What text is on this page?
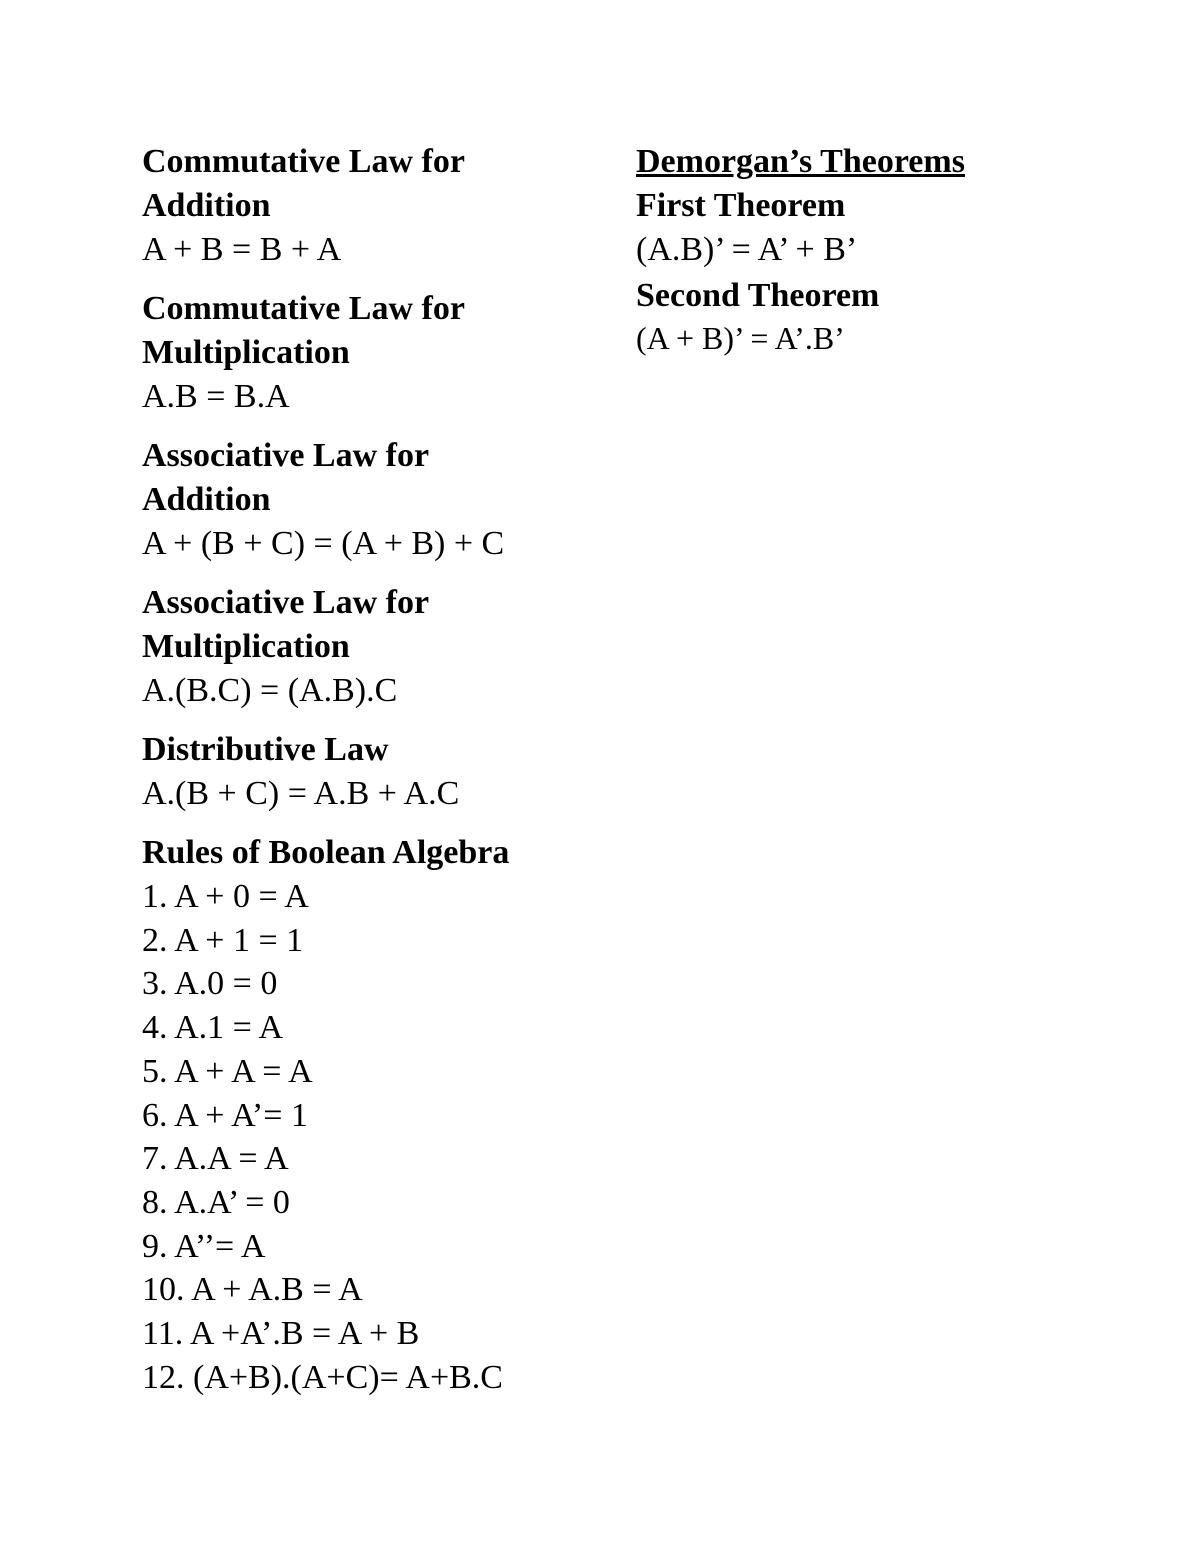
Commutative Law for
Addition
A + B = B + A
Commutative Law for
Multiplication
A.B = B.A
Associative Law for
Addition
A + (B + C) = (A + B) + C
Associative Law for
Multiplication
A.(B.C) = (A.B).C
Distributive Law
A.(B + C) = A.B + A.C
Rules of Boolean Algebra
1. A + 0 = A
2. A + 1 = 1
3. A.0 = 0
4. A.1 = A
5. A + A = A
6. A + A’= 1
7. A.A = A
8. A.A’ = 0
9. A’’= A
10. A + A.B = A
11. A +A’.B = A + B
12. (A+B).(A+C)= A+B.C
Demorgan’s Theorems
First Theorem
(A.B)’ = A’ + B’
Second Theorem
(A + B)’ = A’.B’
